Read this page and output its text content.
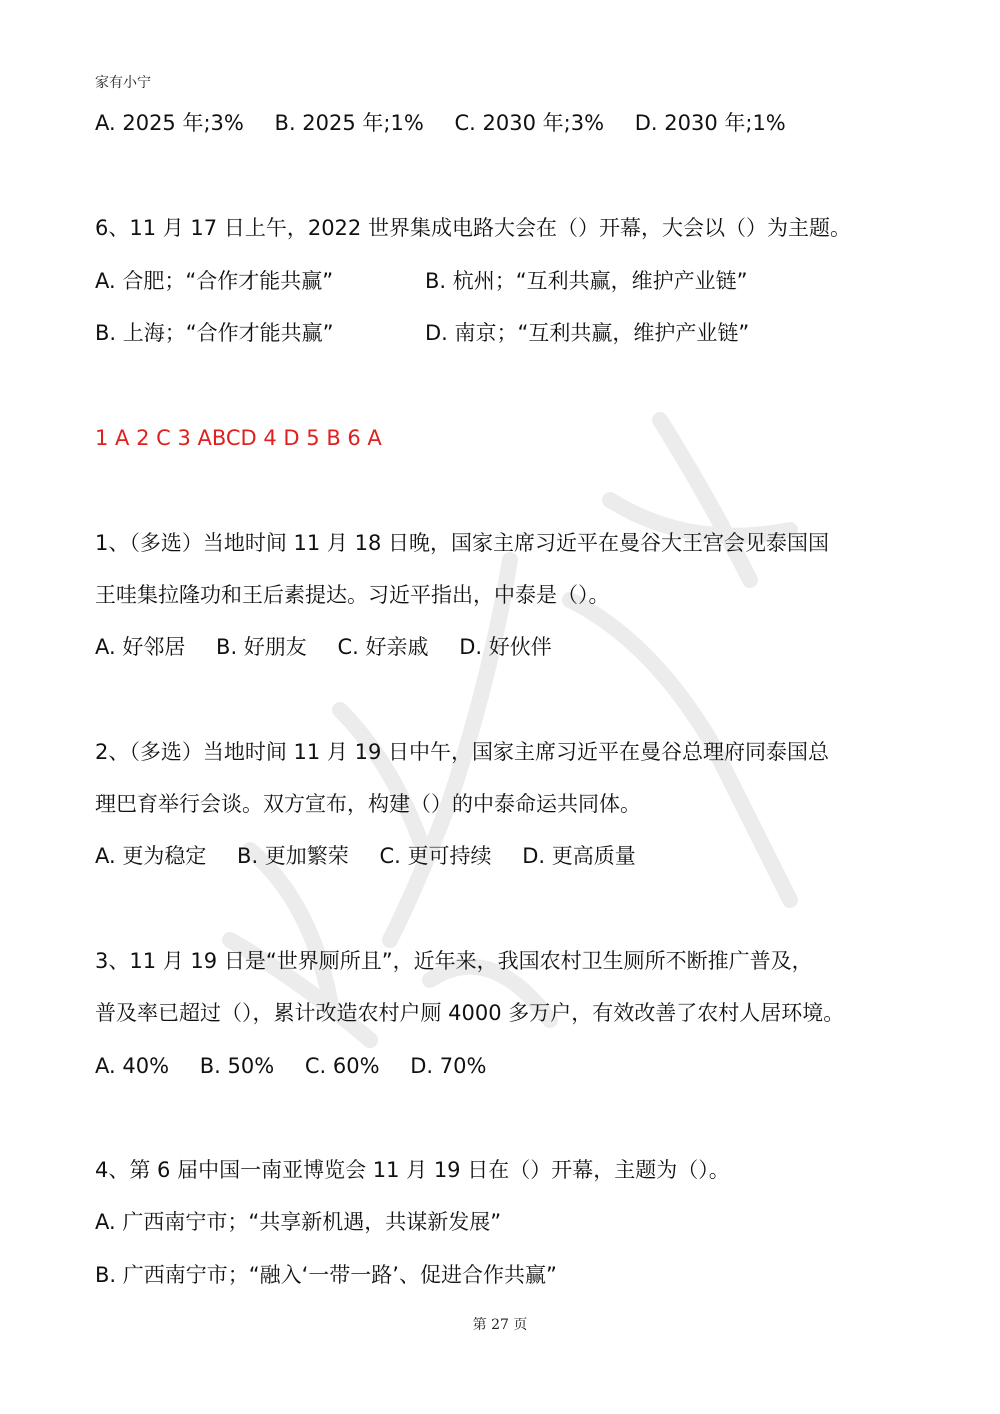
家有小宁
A. 2025 年;3% B. 2025 年;1% C. 2030 年;3% D. 2030 年;1%
6、11 月 17 日上午，2022 世界集成电路大会在（）开幕，大会以（）为主题。
A. 合肥；“合作才能共赢”	B. 杭州；“互利共赢，维护产业链”
B. 上海；“合作才能共赢”	D. 南京；“互利共赢，维护产业链”
1 A 2 C 3 ABCD 4 D 5 B 6 A
1、（多选）当地时间 11 月 18 日晚，国家主席习近平在曼谷大王宫会见泰国国
王哇集拉隆功和王后素提达。习近平指出，中泰是（）。
A. 好邻居 B. 好朋友 C. 好亲戚 D. 好伙伴
2、（多选）当地时间 11 月 19 日中午，国家主席习近平在曼谷总理府同泰国总
理巴育举行会谈。双方宣布，构建（）的中泰命运共同体。
A. 更为稳定 B. 更加繁荣 C. 更可持续 D. 更高质量
3、11 月 19 日是“世界厕所且”，近年来，我国农村卫生厕所不断推广普及，
普及率已超过（），累计改造农村户厕 4000 多万户，有效改善了农村人居环境。
A. 40% B. 50% C. 60% D. 70%
4、第 6 届中国一南亚博览会 11 月 19 日在（）开幕，主题为（）。
A. 广西南宁市；“共享新机遇，共谋新发展”
B. 广西南宁市；“融入‘一带一路’、促进合作共赢”
第 27 页
